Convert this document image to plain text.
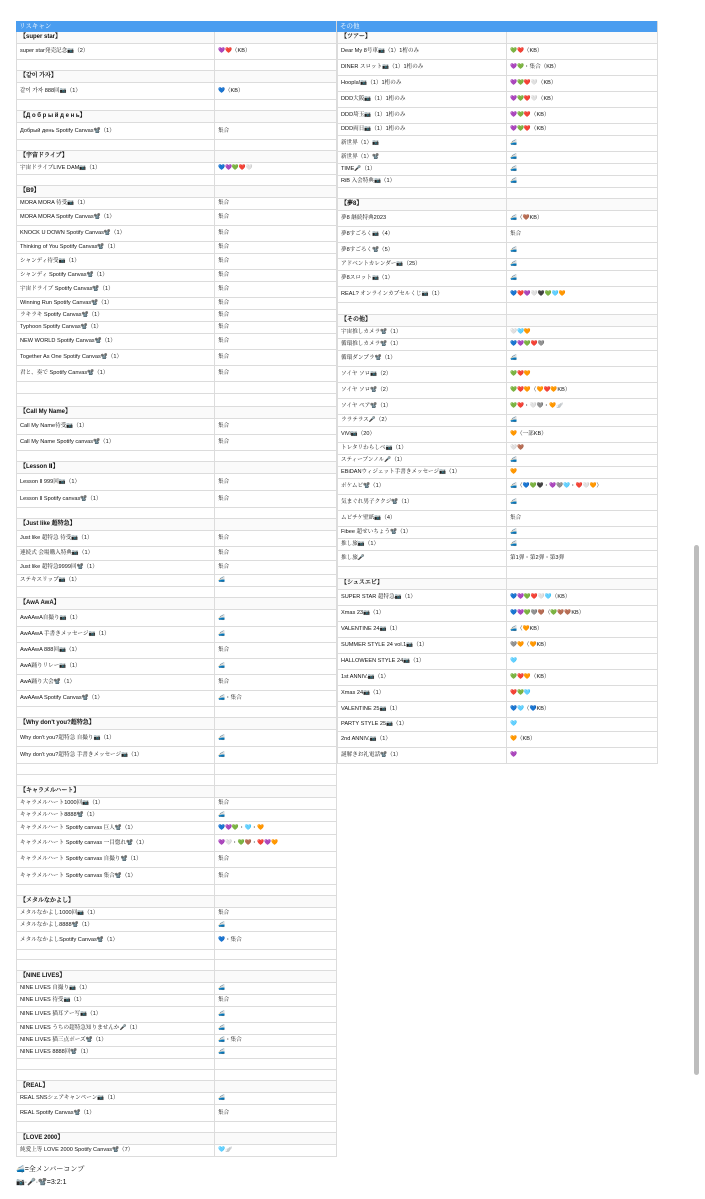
リスキャン
【super star】
super star発売記念📷（2）	💜❤️（KB）
【같이 가자】
같이 가자 888回📷（1）	💙（KB）
【Д о б р ы й д е н ь】
Добрый день Spotify Canvas📽️（1）	集合
【宇宙ドライブ】
宇宙ドライブLIVE DAM📷（1）	💙💜💚❤️🤍
【B9】
MORA MORA 待受📷（1）	集合
MORA MORA Spotify Canvas📽️（1）	集合
KNOCK U DOWN Spotify Canvas📽️（1）	集合
Thinking of You Spotify Canvas📽️（1）	集合
シャンディ待受📷（1）	集合
シャンディ Spotify Canvas📽️（1）	集合
宇宙ドライブ Spotify Canvas📽️（1）	集合
Winning Run Spotify Canvas📽️（1）	集合
ラキラキ Spotify Canvas📽️（1）	集合
Typhoon Spotify Canvas📽️（1）	集合
NEW WORLD Spotify Canvas📽️（1）	集合
Together As One Spotify Canvas📽️（1）	集合
君と、奏で Spotify Canvas📽️（1）	集合
【Call My Name】
Call My Name待受📷（1）	集合
Call My Name Spotify canvas📽️（1）	集合
【Lesson Ⅱ】
Lesson Ⅱ 999回📷（1）	集合
Lesson Ⅱ Spotify canvas📽️（1）	集合
【Just like 超特急】
Just like 超特急 待受📷（1）	集合
連続式 会場購入特典📷（1）	集合
Just like 超特急9999回📽️（1）	集合
ステキスリップ📷（1）	🚄
【AwA AwA】
AwAAwA自撮り📷（1）	🚄
AwAAwA 手書きメッセージ📷（1）	🚄
AwAAwA 888回📷（1）	集合
AwA踊りリレー📷（1）	🚄
AwA踊り大会📽️（1）	集合
AwAAwA Spotify Canvas📽️（1）	🚄・集合
【Why don't you?超特急】
Why don't you?超特急 自撮り📷（1）	🚄
Why don't you?超特急 手書きメッセージ📷（1）	🚄
【キャラメルハート】
キャラメルハート1000回📷（1）	集合
キャラメルハート8888📽️（1）	🚄
キャラメルハート Spotify canvas 巨人📽️（1）	💙💜💚・🩵・🧡
キャラメルハート Spotify canvas 一目惚れ📽️（1）	💜🤍・💚🤎・❤️💜🧡
キャラメルハート Spotify canvas 自撮り📽️（1）	集合
キャラメルハート Spotify canvas 集合📽️（1）	集合
【メタルなかよし】
メタルなかよし1000回📷（1）	集合
メタルなかよし8888📽️（1）	🚄
メタルなかよしSpotify Canvas📽️（1）	💙・集合
【NINE LIVES】
NINE LIVES 自撮り📷（1）	🚄
NINE LIVES 待受📷（1）	集合
NINE LIVES 猫耳アー写📷（1）	🚄
NINE LIVES うちの超特急知りませんか🎤（1）	🚄
NINE LIVES 猫三点ポーズ📽️（1）	🚄・集合
NINE LIVES 8888回📽️（1）	🚄
【REAL】
REAL SNSシェアキャンペーン📷（1）	🚄
REAL Spotify Canvas📽️（1）	集合
【LOVE 2000】
純愛上等 LOVE 2000 Spotify Canvas📽️（7）	🩵🪽
その他
【ツアー】
Dear My 8号車📷（1）1桁のみ	💚❤️（KB）
DINER スロット📷（1）1桁のみ	💜💚・集合（KB）
Hoopla!📷（1）1桁のみ	💜💚❤️🤍（KB）
DDD大阪📷（1）1桁のみ	💜💚❤️🤍（KB）
DDD埼玉📷（1）1桁のみ	💜💚❤️（KB）
DDD両日📷（1）1桁のみ	💜💚❤️（KB）
新世界（1）📷	🚄
新世界（1）📽️	🚄
TIME🎤（1）	🚄
RiB 入会特典📷（1）	🚄
【夢8】
夢8 継続特典2023	🚄（🤎KB）
夢8すごろく📷（4）	集合
夢8すごろく📽️（5）	🚄
アドベントカレンダー📷（25）	🚄
夢8スロット📷（1）	🚄
REAL? オンラインカプセルくじ📷（1）	💙❤️💜🤍🖤💚🩵🧡
【その他】
宇宙推しカメラ📽️（1）	🤍🩵🧡
循環推しカメラ📽️（1）	💙💜💚❤️🩶
循環ダンプラ📽️（1）	🚄
ソイヤ ソロ📷（2）	💚❤️🧡
ソイヤ ソロ📽️（2）	💚❤️🧡（🧡❤️🧡KB）
ソイヤ ペア📽️（1）	💚❤️・🤍🩶・🧡🪽
ララテラス🎤（2）	🚄
ViVi📷（20）	🧡（一部KB）
トレタリわらしべ📷（1）	🤍🤎
スティーブンノル🎤（1）	🚄
EBiDANウィジェット手書きメッセージ📷（1）	🧡
ポケムビ📽️（1）	🚄（💙💚🖤・💜🩶🩵・❤️🤍🧡）
気まぐれ男子ククジ📽️（1）	🚄
ムビチケ壁紙📷（4）	集合
Fibee 超せいちょう📽️（1）	🚄
推し旅📷（1）	🚄
推し旅🎤	第1弾・第2弾・第3弾
【シュスエビ】
SUPER STAR 超特急📷（1）	💙💜💚❤️🤍🩵（KB）
Xmas 23📷（1）	💙💜💚🩶🤎（💚🤎🤎KB）
VALENTINE 24📷（1）	🚄（🧡KB）
SUMMER STYLE 24 vol.1📷（1）	🩶🧡（🧡KB）
HALLOWEEN STYLE 24📷（1）	🩵
1st ANNIV.📷（1）	💚❤️🧡（KB）
Xmas 24📷（1）	❤️💚🩵
VALENTINE 25📷（1）	💙🩵（💙KB）
PARTY STYLE 25📷（1）	🩵
2nd ANNIV.📷（1）	🧡（KB）
謎解きお礼電話📽️（1）	💜
🚄=全メンバーコンプ
📷·🎤·📽️=3:2:1
